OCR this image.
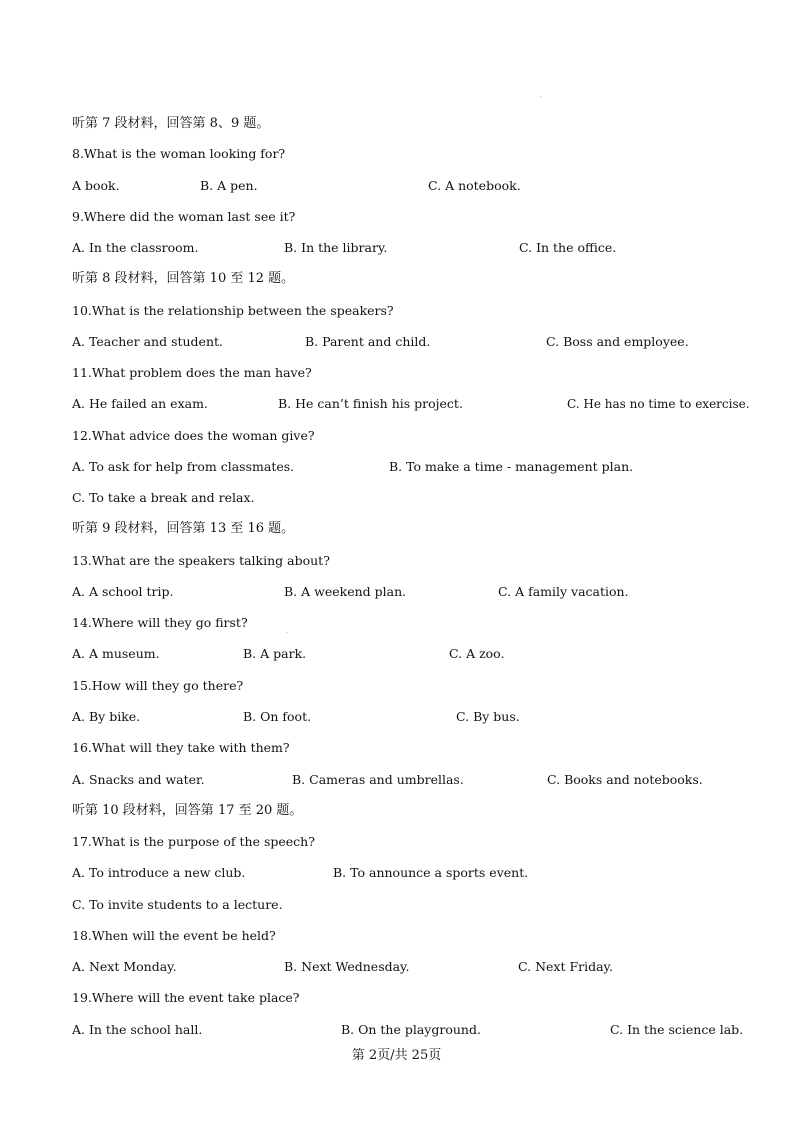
听第 7 段材料，回答第 8、9 题。
8.What is the woman looking for?
A book.	B. A pen.	C. A notebook.
9.Where did the woman last see it?
A. In the classroom.	B. In the library.	C. In the office.
听第 8 段材料，回答第 10 至 12 题。
10.What is the relationship between the speakers?
A. Teacher and student.	B. Parent and child.	C. Boss and employee.
11.What problem does the man have?
A. He failed an exam.	B. He can’t finish his project.	C. He has no time to exercise.
12.What advice does the woman give?
A. To ask for help from classmates.	B. To make a time - management plan.
C. To take a break and relax.
听第 9 段材料，回答第 13 至 16 题。
13.What are the speakers talking about?
A. A school trip.	B. A weekend plan.	C. A family vacation.
14.Where will they go first?
·
A. A museum.	B. A park.	C. A zoo.
15.How will they go there?
A. By bike.	B. On foot.	C. By bus.
16.What will they take with them?
A. Snacks and water.	B. Cameras and umbrellas.	C. Books and notebooks.
听第 10 段材料，回答第 17 至 20 题。
17.What is the purpose of the speech?
A. To introduce a new club.	B. To announce a sports event.
C. To invite students to a lecture.
18.When will the event be held?
A. Next Monday.	B. Next Wednesday.	C. Next Friday.
19.Where will the event take place?
A. In the school hall.	B. On the playground.	C. In the science lab.
第 2页/共 25页
·
